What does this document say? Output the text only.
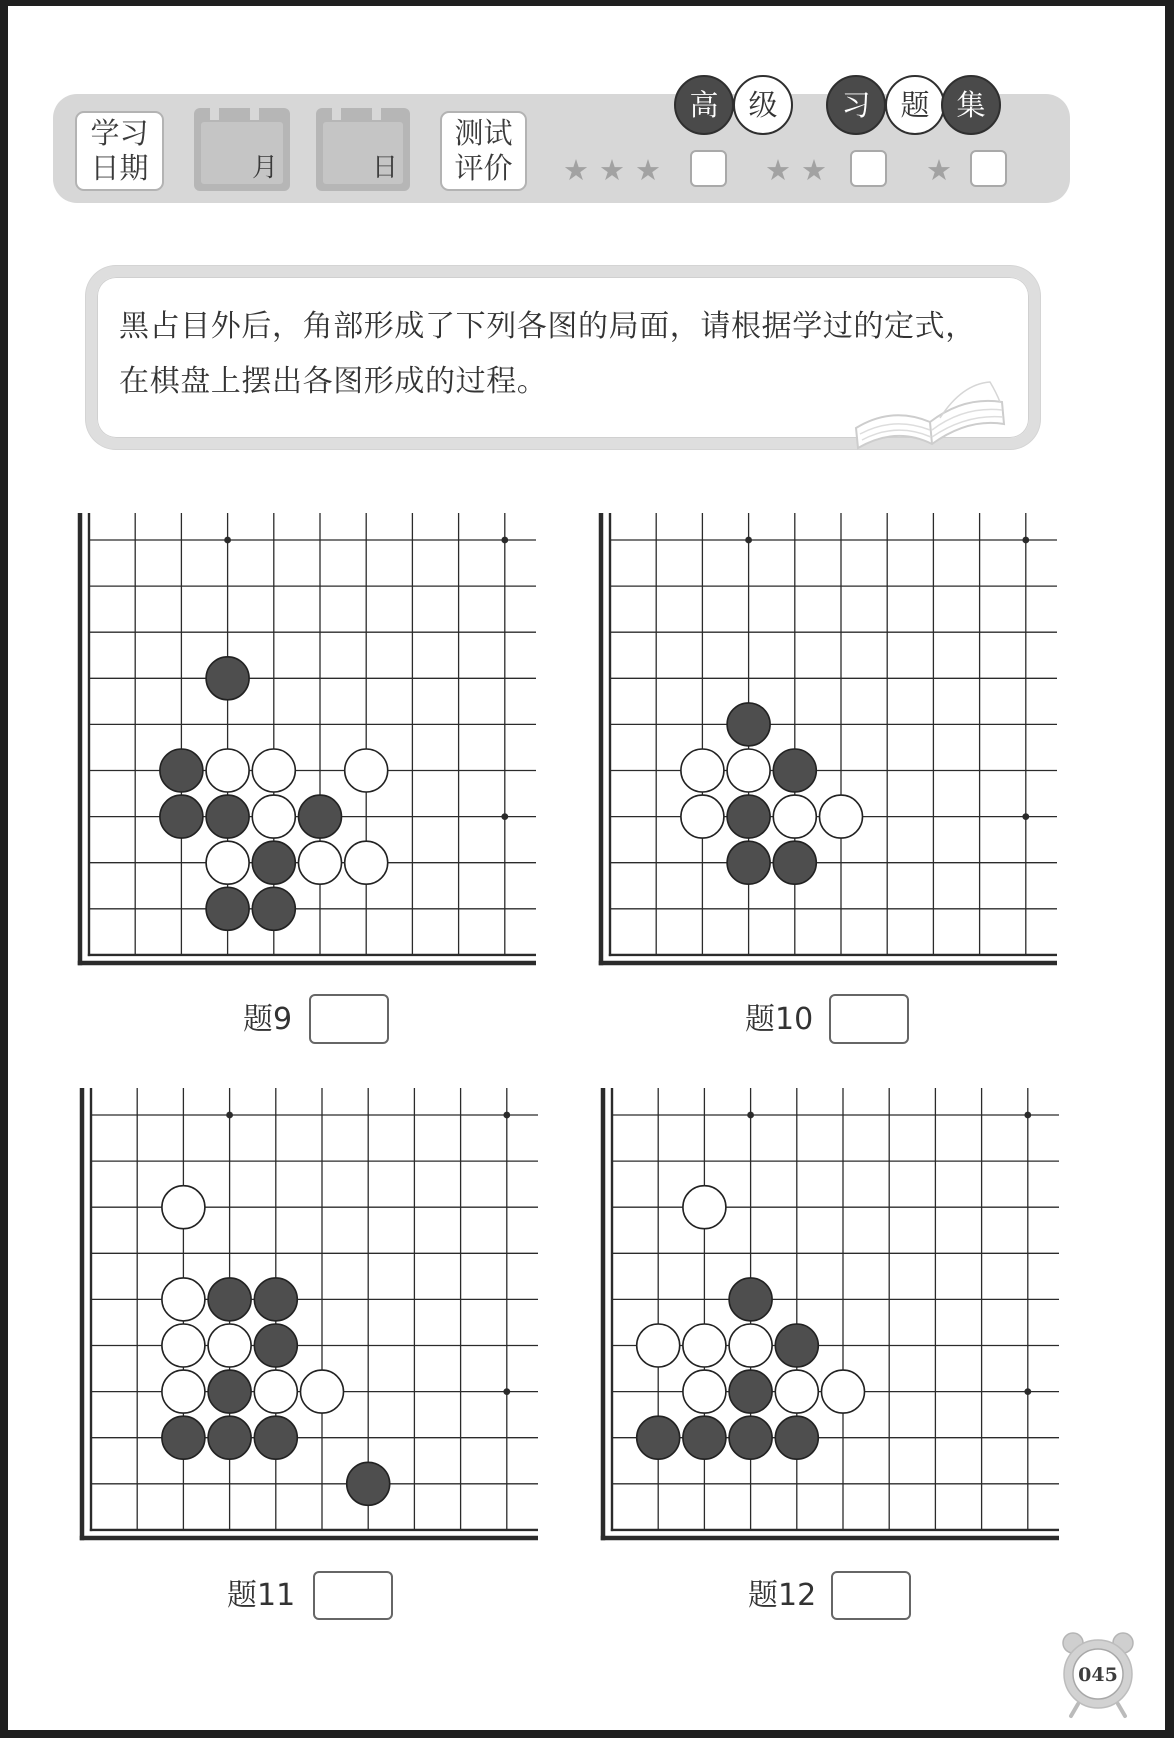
学习
日期	月	日
测试
评价 ★★★	★★	★
高 级 习 题 集
黑占目外后，角部形成了下列各图的局面，请根据学过的定式，
在棋盘上摆出各图形成的过程。
题9	题10
题11	题12
045
